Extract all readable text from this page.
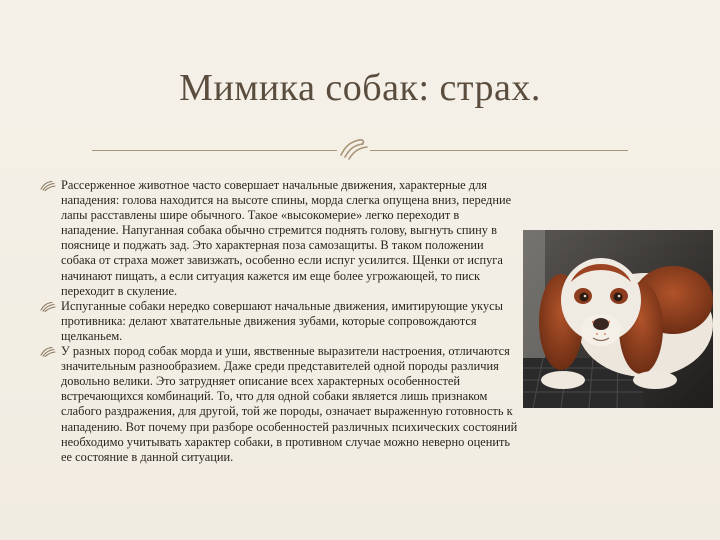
Мимика собак: страх.

Рассерженное животное часто совершает начальные движения, характерные для нападения: голова находится на высоте спины, морда слегка опущена вниз, передние лапы расставлены шире обычного. Такое «высокомерие» легко переходит в нападение. Напуганная собака обычно стремится поднять голову, выгнуть спину в пояснице и поджать зад. Это характерная поза самозащиты. В таком положении собака от страха может завизжать, особенно если испуг усилится. Щенки от испуга начинают пищать, а если ситуация кажется им еще более угрожающей, то писк переходит в скуление.

Испуганные собаки нередко совершают начальные движения, имитирующие укусы противника: делают хватательные движения зубами, которые сопровождаются щелканьем.

У разных пород собак морда и уши, явственные выразители настроения, отличаются значительным разнообразием. Даже среди представителей одной породы различия довольно велики. Это затрудняет описание всех характерных особенностей встречающихся комбинаций. То, что для одной собаки является лишь признаком слабого раздражения, для другой, той же породы, означает выраженную готовность к нападению. Вот почему при разборе особенностей различных психических состояний необходимо учитывать характер собаки, в противном случае можно неверно оценить ее состояние в данной ситуации.
